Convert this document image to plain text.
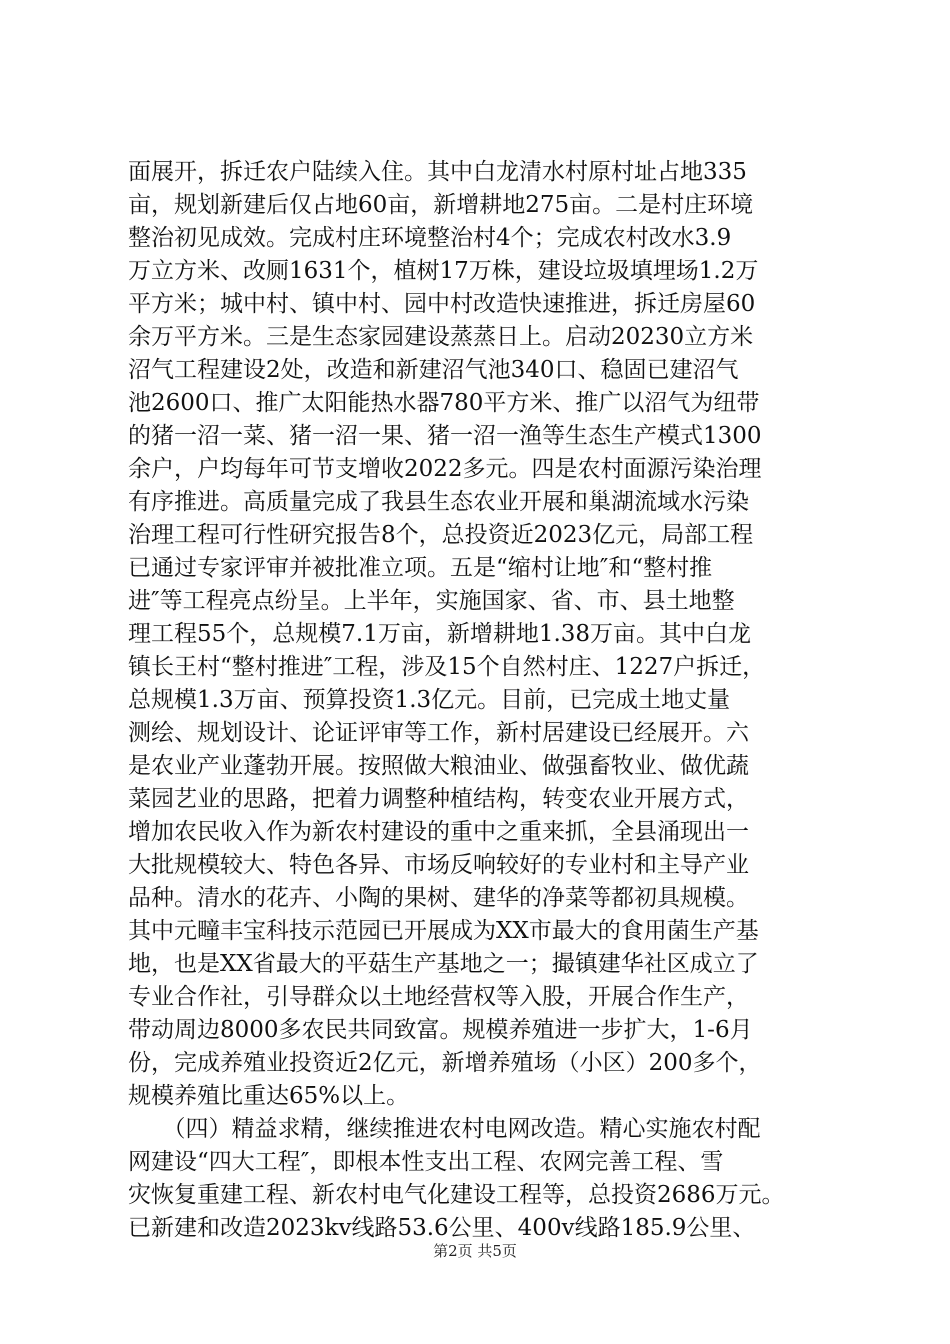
面展开，拆迁农户陆续入住。其中白龙清水村原村址占地335
亩，规划新建后仅占地60亩，新增耕地275亩。二是村庄环境
整治初见成效。完成村庄环境整治村4个；完成农村改水3.9
万立方米、改厕1631个，植树17万株，建设垃圾填埋场1.2万
平方米；城中村、镇中村、园中村改造快速推进，拆迁房屋60
余万平方米。三是生态家园建设蒸蒸日上。启动20230立方米
沼气工程建设2处，改造和新建沼气池340口、稳固已建沼气
池2600口、推广太阳能热水器780平方米、推广以沼气为纽带
的猪一沼一菜、猪一沼一果、猪一沼一渔等生态生产模式1300
余户，户均每年可节支增收2022多元。四是农村面源污染治理
有序推进。高质量完成了我县生态农业开展和巢湖流域水污染
治理工程可行性研究报告8个，总投资近2023亿元，局部工程
已通过专家评审并被批准立项。五是“缩村让地″和“整村推
进″等工程亮点纷呈。上半年，实施国家、省、市、县土地整
理工程55个，总规模7.1万亩，新增耕地1.38万亩。其中白龙
镇长王村“整村推进″工程，涉及15个自然村庄、1227户拆迁，
总规模1.3万亩、预算投资1.3亿元。目前，已完成土地丈量
测绘、规划设计、论证评审等工作，新村居建设已经展开。六
是农业产业蓬勃开展。按照做大粮油业、做强畜牧业、做优蔬
菜园艺业的思路，把着力调整种植结构，转变农业开展方式，
增加农民收入作为新农村建设的重中之重来抓，全县涌现出一
大批规模较大、特色各异、市场反响较好的专业村和主导产业
品种。清水的花卉、小陶的果树、建华的净菜等都初具规模。
其中元疃丰宝科技示范园已开展成为XX市最大的食用菌生产基
地，也是XX省最大的平菇生产基地之一；撮镇建华社区成立了
专业合作社，引导群众以土地经营权等入股，开展合作生产，
带动周边8000多农民共同致富。规模养殖进一步扩大，1-6月
份，完成养殖业投资近2亿元，新增养殖场（小区）200多个，
规模养殖比重达65%以上。
　　（四）精益求精，继续推进农村电网改造。精心实施农村配
网建设“四大工程″，即根本性支出工程、农网完善工程、雪
灾恢复重建工程、新农村电气化建设工程等，总投资2686万元。
已新建和改造2023kv线路53.6公里、400v线路185.9公里、
第2页 共5页
